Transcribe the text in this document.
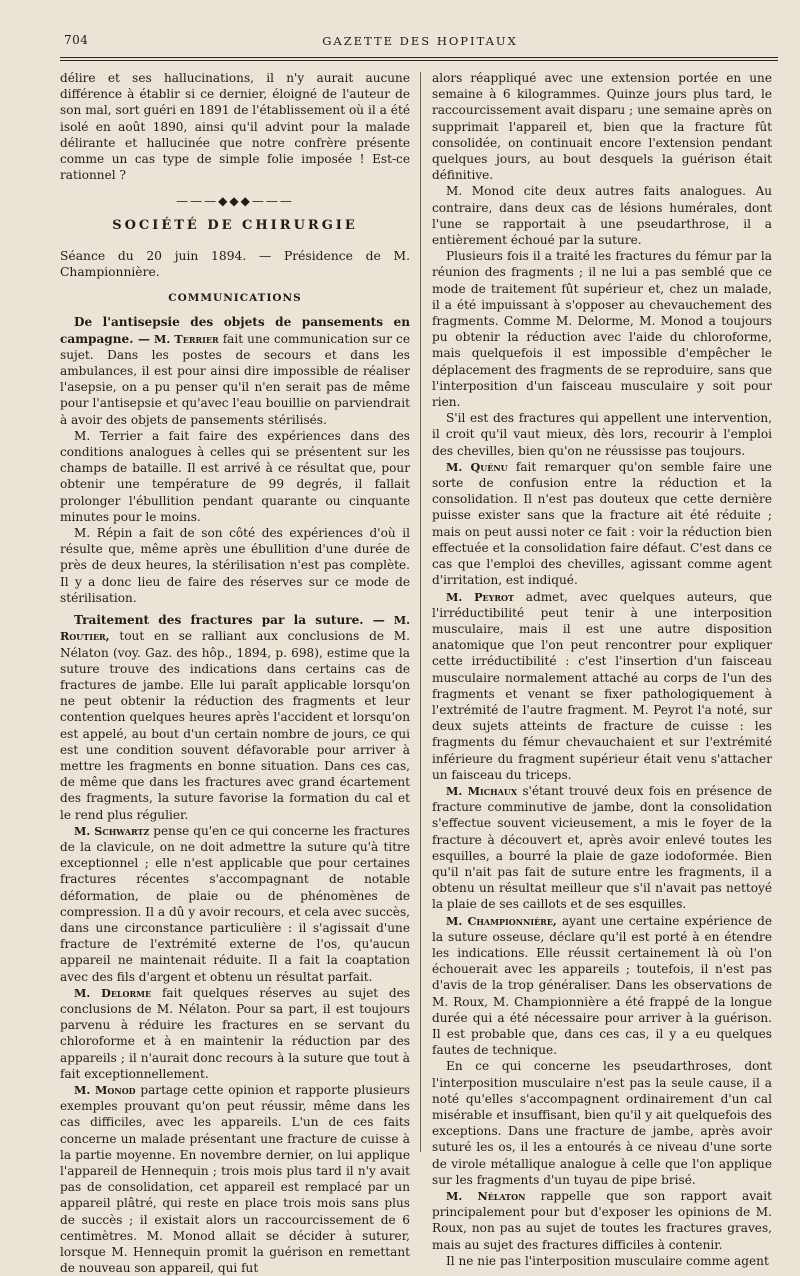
704	GAZETTE DES HOPITAUX

délire et ses hallucinations, il n'y aurait aucune différence à établir si ce dernier, éloigné de l'auteur de son mal, sort guéri en 1891 de l'établissement où il a été isolé en août 1890, ainsi qu'il advint pour la malade délirante et hallucinée que notre confrère présente comme un cas type de simple folie imposée ! Est-ce rationnel ?

———◆◆◆———
SOCIÉTÉ DE CHIRURGIE

Séance du 20 juin 1894. — Présidence de M. Championnière.

COMMUNICATIONS

De l'antisepsie des objets de pansements en campagne. — M. Terrier fait une communication sur ce sujet. Dans les postes de secours et dans les ambulances, il est pour ainsi dire impossible de réaliser l'asepsie, on a pu penser qu'il n'en serait pas de même pour l'antisepsie et qu'avec l'eau bouillie on parviendrait à avoir des objets de pansements stérilisés.

M. Terrier a fait faire des expériences dans des conditions analogues à celles qui se présentent sur les champs de bataille. Il est arrivé à ce résultat que, pour obtenir une température de 99 degrés, il fallait prolonger l'ébullition pendant quarante ou cinquante minutes pour le moins.

M. Répin a fait de son côté des expériences d'où il résulte que, même après une ébullition d'une durée de près de deux heures, la stérilisation n'est pas complète. Il y a donc lieu de faire des réserves sur ce mode de stérilisation.

Traitement des fractures par la suture. — M. Routier, tout en se ralliant aux conclusions de M. Nélaton (voy. Gaz. des hôp., 1894, p. 698), estime que la suture trouve des indications dans certains cas de fractures de jambe. Elle lui paraît applicable lorsqu'on ne peut obtenir la réduction des fragments et leur contention quelques heures après l'accident et lorsqu'on est appelé, au bout d'un certain nombre de jours, ce qui est une condition souvent défavorable pour arriver à mettre les fragments en bonne situation. Dans ces cas, de même que dans les fractures avec grand écartement des fragments, la suture favorise la formation du cal et le rend plus régulier.

M. Schwartz pense qu'en ce qui concerne les fractures de la clavicule, on ne doit admettre la suture qu'à titre exceptionnel ; elle n'est applicable que pour certaines fractures récentes s'accompagnant de notable déformation, de plaie ou de phénomènes de compression. Il a dû y avoir recours, et cela avec succès, dans une circonstance particulière : il s'agissait d'une fracture de l'extrémité externe de l'os, qu'aucun appareil ne maintenait réduite. Il a fait la coaptation avec des fils d'argent et obtenu un résultat parfait.

M. Delorme fait quelques réserves au sujet des conclusions de M. Nélaton. Pour sa part, il est toujours parvenu à réduire les fractures en se servant du chloroforme et à en maintenir la réduction par des appareils ; il n'aurait donc recours à la suture que tout à fait exceptionnellement.

M. Monod partage cette opinion et rapporte plusieurs exemples prouvant qu'on peut réussir, même dans les cas difficiles, avec les appareils. L'un de ces faits concerne un malade présentant une fracture de cuisse à la partie moyenne. En novembre dernier, on lui applique l'appareil de Hennequin ; trois mois plus tard il n'y avait pas de consolidation, cet appareil est remplacé par un appareil plâtré, qui reste en place trois mois sans plus de succès ; il existait alors un raccourcissement de 6 centimètres. M. Monod allait se décider à suturer, lorsque M. Hennequin promit la guérison en remettant de nouveau son appareil, qui fut

alors réappliqué avec une extension portée en une semaine à 6 kilogrammes. Quinze jours plus tard, le raccourcissement avait disparu ; une semaine après on supprimait l'appareil et, bien que la fracture fût consolidée, on continuait encore l'extension pendant quelques jours, au bout desquels la guérison était définitive.

M. Monod cite deux autres faits analogues. Au contraire, dans deux cas de lésions humérales, dont l'une se rapportait à une pseudarthrose, il a entièrement échoué par la suture.

Plusieurs fois il a traité les fractures du fémur par la réunion des fragments ; il ne lui a pas semblé que ce mode de traitement fût supérieur et, chez un malade, il a été impuissant à s'opposer au chevauchement des fragments. Comme M. Delorme, M. Monod a toujours pu obtenir la réduction avec l'aide du chloroforme, mais quelquefois il est impossible d'empêcher le déplacement des fragments de se reproduire, sans que l'interposition d'un faisceau musculaire y soit pour rien.

S'il est des fractures qui appellent une intervention, il croit qu'il vaut mieux, dès lors, recourir à l'emploi des chevilles, bien qu'on ne réussisse pas toujours.

M. Quénu fait remarquer qu'on semble faire une sorte de confusion entre la réduction et la consolidation. Il n'est pas douteux que cette dernière puisse exister sans que la fracture ait été réduite ; mais on peut aussi noter ce fait : voir la réduction bien effectuée et la consolidation faire défaut. C'est dans ce cas que l'emploi des chevilles, agissant comme agent d'irritation, est indiqué.

M. Peyrot admet, avec quelques auteurs, que l'irréductibilité peut tenir à une interposition musculaire, mais il est une autre disposition anatomique que l'on peut rencontrer pour expliquer cette irréductibilité : c'est l'insertion d'un faisceau musculaire normalement attaché au corps de l'un des fragments et venant se fixer pathologiquement à l'extrémité de l'autre fragment. M. Peyrot l'a noté, sur deux sujets atteints de fracture de cuisse : les fragments du fémur chevauchaient et sur l'extrémité inférieure du fragment supérieur était venu s'attacher un faisceau du triceps.

M. Michaux s'étant trouvé deux fois en présence de fracture comminutive de jambe, dont la consolidation s'effectue souvent vicieusement, a mis le foyer de la fracture à découvert et, après avoir enlevé toutes les esquilles, a bourré la plaie de gaze iodoformée. Bien qu'il n'ait pas fait de suture entre les fragments, il a obtenu un résultat meilleur que s'il n'avait pas nettoyé la plaie de ses caillots et de ses esquilles.

M. Championnière, ayant une certaine expérience de la suture osseuse, déclare qu'il est porté à en étendre les indications. Elle réussit certainement là où l'on échouerait avec les appareils ; toutefois, il n'est pas d'avis de la trop généraliser. Dans les observations de M. Roux, M. Championnière a été frappé de la longue durée qui a été nécessaire pour arriver à la guérison. Il est probable que, dans ces cas, il y a eu quelques fautes de technique.

En ce qui concerne les pseudarthroses, dont l'interposition musculaire n'est pas la seule cause, il a noté qu'elles s'accompagnent ordinairement d'un cal misérable et insuffisant, bien qu'il y ait quelquefois des exceptions. Dans une fracture de jambe, après avoir suturé les os, il les a entourés à ce niveau d'une sorte de virole métallique analogue à celle que l'on applique sur les fragments d'un tuyau de pipe brisé.

M. Nélaton rappelle que son rapport avait principalement pour but d'exposer les opinions de M. Roux, non pas au sujet de toutes les fractures graves, mais au sujet des fractures difficiles à contenir.

Il ne nie pas l'interposition musculaire comme agent
